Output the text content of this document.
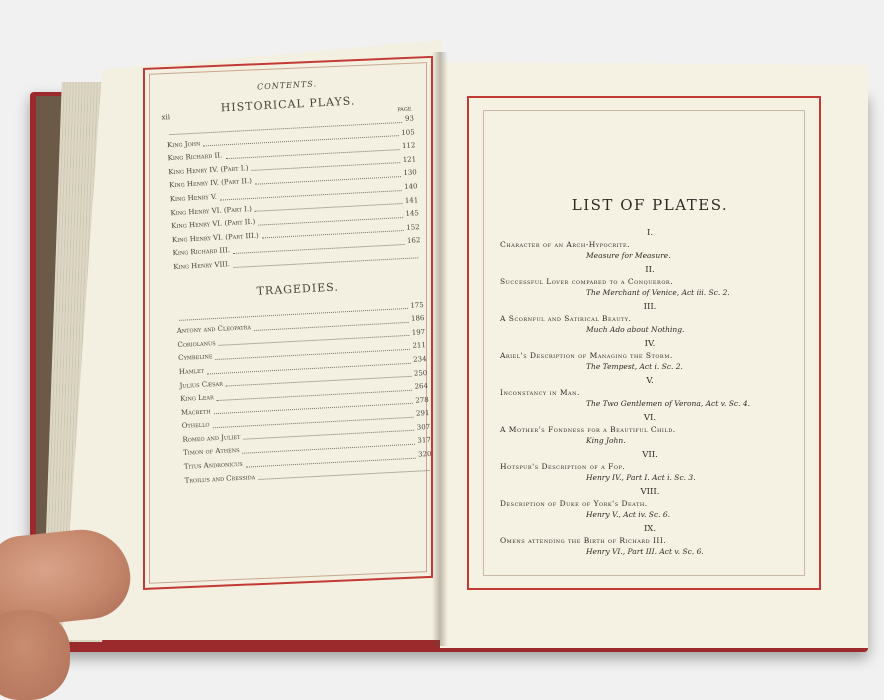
CONTENTS.
xii
HISTORICAL PLAYS.	PAGE
93
King John
105
King Richard II.
112
King Henry IV. (Part I.)
121
King Henry IV. (Part II.)
130
King Henry V.
140
King Henry VI. (Part I.)
141
King Henry VI. (Part II.)
145
King Henry VI. (Part III.)
152
King Richard III.
162
King Henry VIII.
TRAGEDIES.
175
Antony and Cleopatra
186
Coriolanus
197
Cymbeline
211
Hamlet
234
Julius Cæsar
250
King Lear
264
Macbeth
278
Othello
291
Romeo and Juliet
307
Timon of Athens
317
Titus Andronicus
320
Troilus and Cressida
LIST OF PLATES.
I.
Character of an Arch-Hypocrite.
Measure for Measure.
II.
Successful Lover compared to a Conqueror.
The Merchant of Venice, Act iii. Sc. 2.
III.
A Scornful and Satirical Beauty.
Much Ado about Nothing.
IV.
Ariel's Description of Managing the Storm.
The Tempest, Act i. Sc. 2.
V.
Inconstancy in Man.
The Two Gentlemen of Verona, Act v. Sc. 4.
VI.
A Mother's Fondness for a Beautiful Child.
King John.
VII.
Hotspur's Description of a Fop.
Henry IV., Part I. Act i. Sc. 3.
VIII.
Description of Duke of York's Death.
Henry V., Act iv. Sc. 6.
IX.
Omens attending the Birth of Richard III.
Henry VI., Part III. Act v. Sc. 6.
